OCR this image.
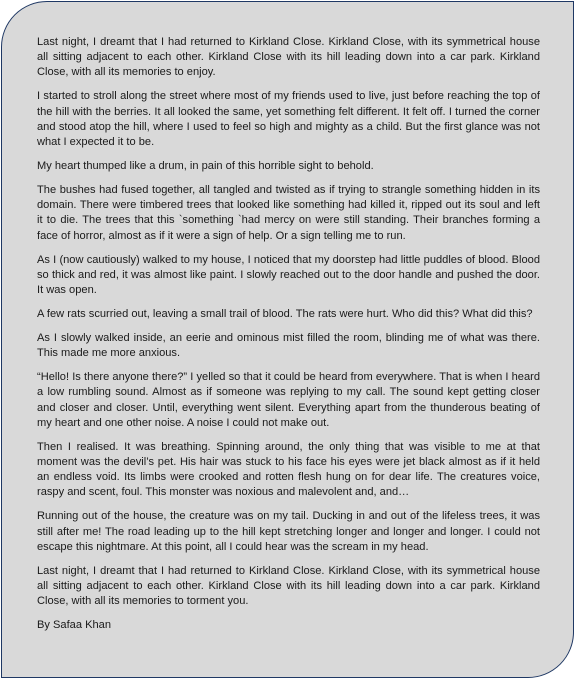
Last night, I dreamt that I had returned to Kirkland Close. Kirkland Close, with its symmetrical house all sitting adjacent to each other. Kirkland Close with its hill leading down into a car park. Kirkland Close, with all its memories to enjoy.

I started to stroll along the street where most of my friends used to live, just before reaching the top of the hill with the berries. It all looked the same, yet something felt different. It felt off. I turned the corner and stood atop the hill, where I used to feel so high and mighty as a child. But the first glance was not what I expected it to be.

My heart thumped like a drum, in pain of this horrible sight to behold.

The bushes had fused together, all tangled and twisted as if trying to strangle something hidden in its domain. There were timbered trees that looked like something had killed it, ripped out its soul and left it to die. The trees that this `something `had mercy on were still standing. Their branches forming a face of horror, almost as if it were a sign of help. Or a sign telling me to run.

As I (now cautiously) walked to my house, I noticed that my doorstep had little puddles of blood. Blood so thick and red, it was almost like paint. I slowly reached out to the door handle and pushed the door. It was open.

A few rats scurried out, leaving a small trail of blood. The rats were hurt. Who did this? What did this?

As I slowly walked inside, an eerie and ominous mist filled the room, blinding me of what was there. This made me more anxious.

“Hello! Is there anyone there?” I yelled so that it could be heard from everywhere. That is when I heard a low rumbling sound. Almost as if someone was replying to my call. The sound kept getting closer and closer and closer. Until, everything went silent. Everything apart from the thunderous beating of my heart and one other noise. A noise I could not make out.

Then I realised. It was breathing. Spinning around, the only thing that was visible to me at that moment was the devil’s pet. His hair was stuck to his face his eyes were jet black almost as if it held an endless void. Its limbs were crooked and rotten flesh hung on for dear life. The creatures voice, raspy and scent, foul. This monster was noxious and malevolent and, and…

Running out of the house, the creature was on my tail. Ducking in and out of the lifeless trees, it was still after me! The road leading up to the hill kept stretching longer and longer and longer. I could not escape this nightmare. At this point, all I could hear was the scream in my head.

Last night, I dreamt that I had returned to Kirkland Close. Kirkland Close, with its symmetrical house all sitting adjacent to each other. Kirkland Close with its hill leading down into a car park. Kirkland Close, with all its memories to torment you.

By Safaa Khan
